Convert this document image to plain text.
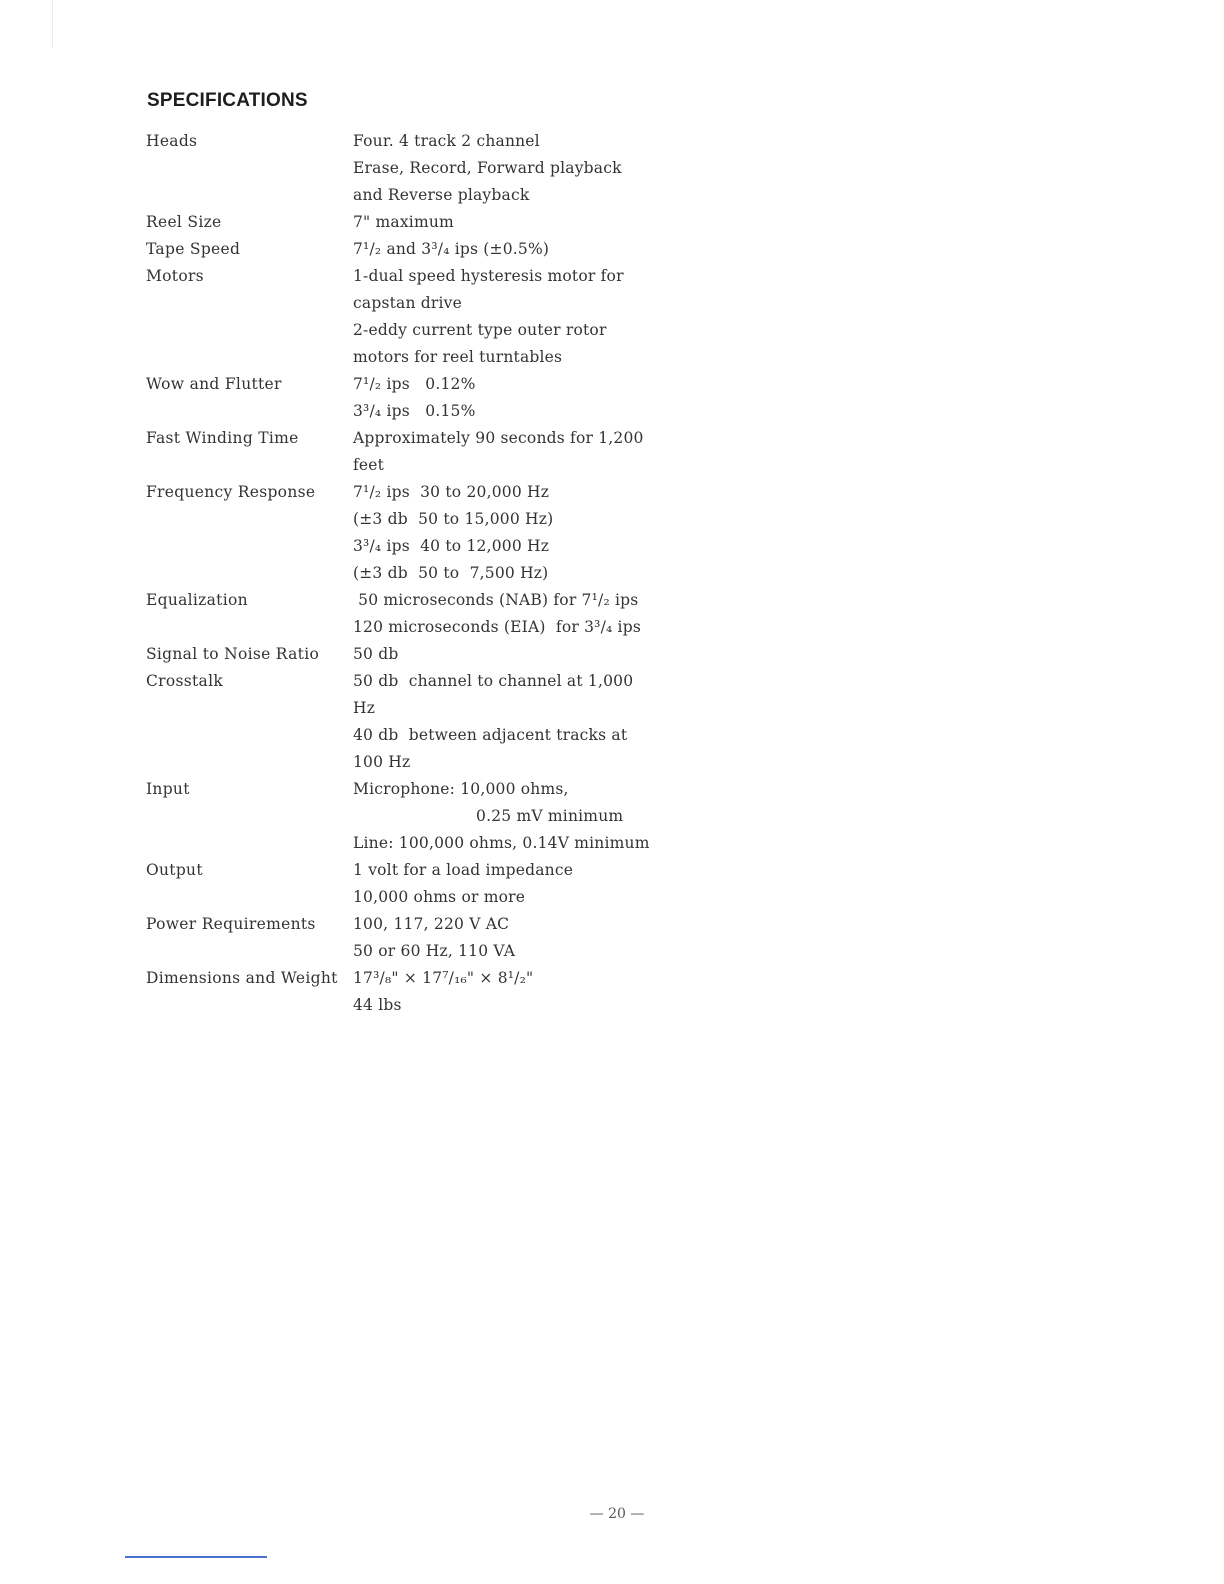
SPECIFICATIONS
Heads	Four. 4 track 2 channel
Erase, Record, Forward playback
and Reverse playback
Reel Size	7" maximum
Tape Speed	7¹/₂ and 3³/₄ ips (±0.5%)
Motors	1-dual speed hysteresis motor for
capstan drive
2-eddy current type outer rotor
motors for reel turntables
Wow and Flutter	7¹/₂ ips   0.12%
3³/₄ ips   0.15%
Fast Winding Time	Approximately 90 seconds for 1,200
feet
Frequency Response	7¹/₂ ips  30 to 20,000 Hz
(±3 db  50 to 15,000 Hz)
3³/₄ ips  40 to 12,000 Hz
(±3 db  50 to  7,500 Hz)
Equalization	50 microseconds (NAB) for 7¹/₂ ips
120 microseconds (EIA)  for 3³/₄ ips
Signal to Noise Ratio	50 db
Crosstalk	50 db  channel to channel at 1,000
Hz
40 db  between adjacent tracks at
100 Hz
Input	Microphone: 10,000 ohms,
0.25 mV minimum
Line: 100,000 ohms, 0.14V minimum
Output	1 volt for a load impedance
10,000 ohms or more
Power Requirements	100, 117, 220 V AC
50 or 60 Hz, 110 VA
Dimensions and Weight 17³/₈" × 17⁷/₁₆" × 8¹/₂"
44 lbs
— 20 —
